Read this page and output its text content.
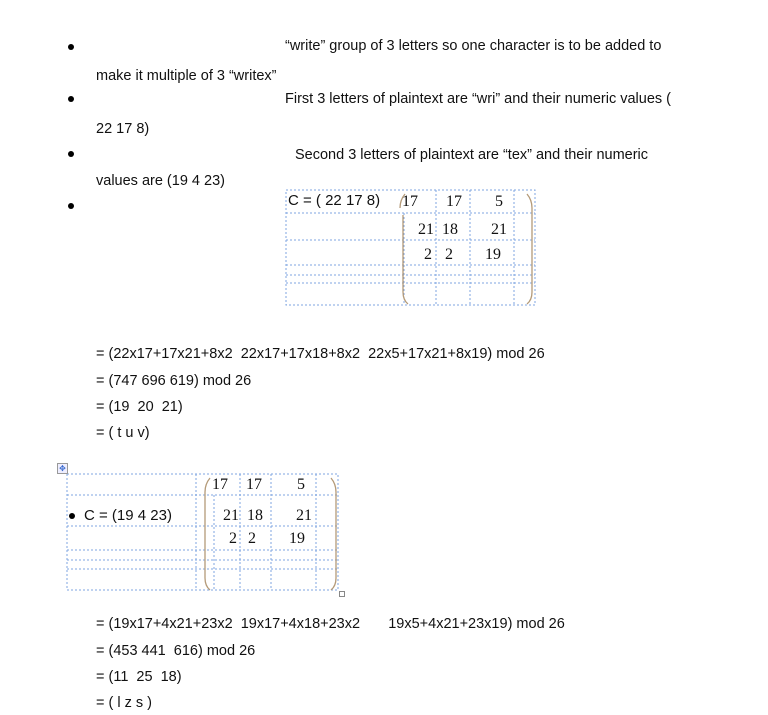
“write” group of 3 letters so one character is to be added to
make it multiple of 3 “writex”
First 3 letters of plaintext are “wri” and their numeric values (
22 17 8)
Second 3 letters of plaintext are “tex” and their numeric
values are (19 4 23)
C = ( 22 17 8) 17 17 5
21 18 21
2 2 19
= (22x17+17x21+8x2  22x17+17x18+8x2  22x5+17x21+8x19) mod 26
= (747 696 619) mod 26
= (19  20  21)
= ( t u v)
✥
C = (19 4 23)
17 17 5
21 18 21
2 2 19
= (19x17+4x21+23x2  19x17+4x18+23x2       19x5+4x21+23x19) mod 26
= (453 441  616) mod 26
= (11  25  18)
= ( l z s )
